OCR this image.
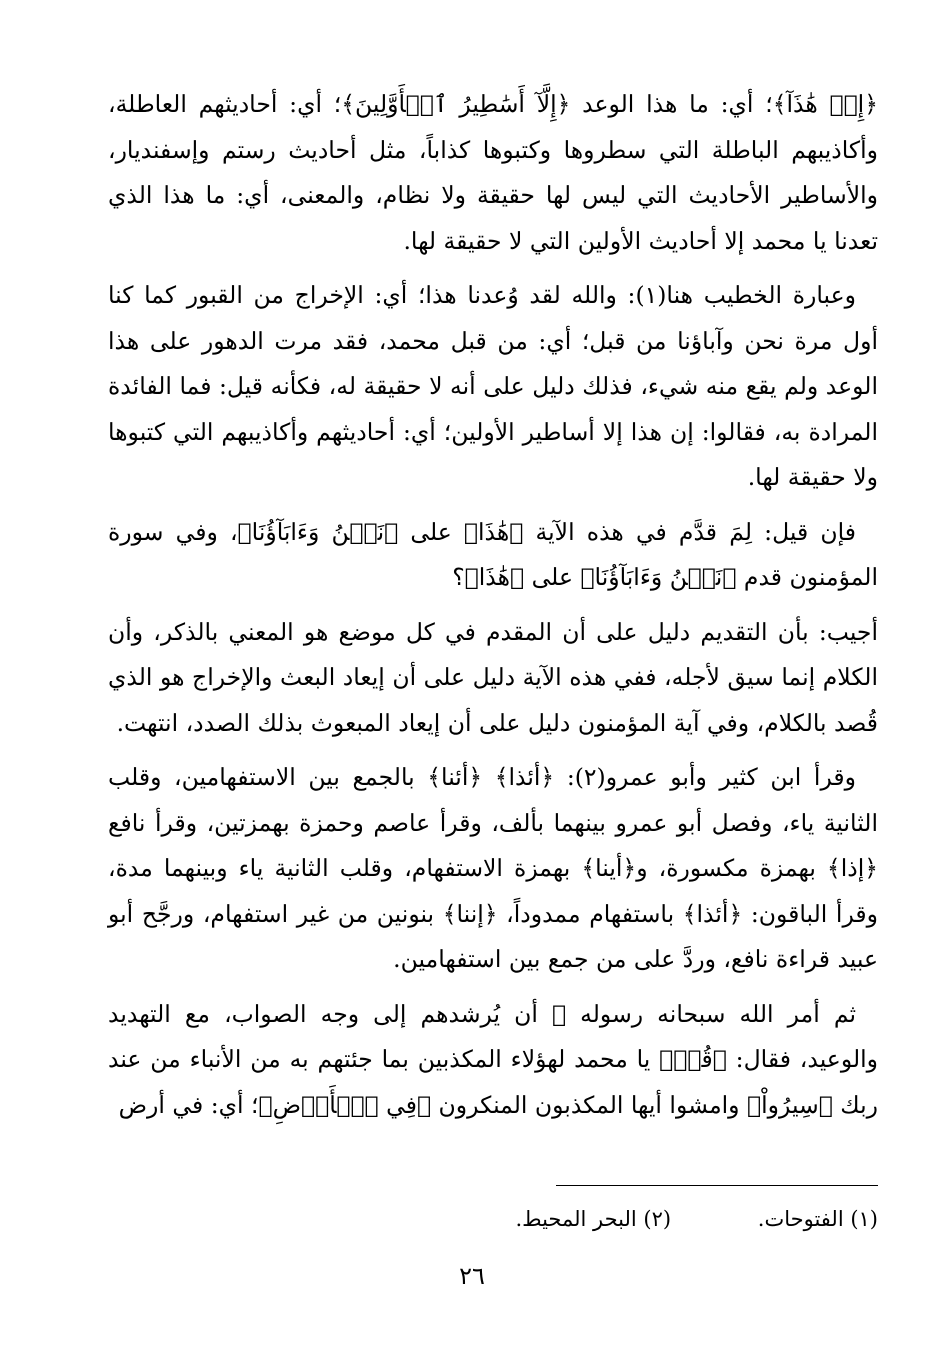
﴿إِنۡ هَٰذَآ﴾؛ أي: ما هذا الوعد ﴿إِلَّآ أَسَٰطِيرُ ٱلۡأَوَّلِينَ﴾؛ أي: أحاديثهم العاطلة، وأكاذيبهم الباطلة التي سطروها وكتبوها كذاباً، مثل أحاديث رستم وإسفنديار، والأساطير الأحاديث التي ليس لها حقيقة ولا نظام، والمعنى، أي: ما هذا الذي تعدنا يا محمد إلا أحاديث الأولين التي لا حقيقة لها.

وعبارة الخطيب هنا(١): والله لقد وُعدنا هذا؛ أي: الإخراج من القبور كما كنا أول مرة نحن وآباؤنا من قبل؛ أي: من قبل محمد، فقد مرت الدهور على هذا الوعد ولم يقع منه شيء، فذلك دليل على أنه لا حقيقة له، فكأنه قيل: فما الفائدة المرادة به، فقالوا: إن هذا إلا أساطير الأولين؛ أي: أحاديثهم وأكاذيبهم التي كتبوها ولا حقيقة لها.

فإن قيل: لِمَ قدَّم في هذه الآية ﴿هَٰذَا﴾ على ﴿نَحۡنُ وَءَابَآؤُنَا﴾، وفي سورة المؤمنون قدم ﴿نَحۡنُ وَءَابَآؤُنَا﴾ على ﴿هَٰذَا﴾؟

أجيب: بأن التقديم دليل على أن المقدم في كل موضع هو المعني بالذكر، وأن الكلام إنما سيق لأجله، ففي هذه الآية دليل على أن إيعاد البعث والإخراج هو الذي قُصد بالكلام، وفي آية المؤمنون دليل على أن إيعاد المبعوث بذلك الصدد، انتهت.

وقرأ ابن كثير وأبو عمرو(٢): ﴿أئذا﴾ ﴿أئنا﴾ بالجمع بين الاستفهامين، وقلب الثانية ياء، وفصل أبو عمرو بينهما بألف، وقرأ عاصم وحمزة بهمزتين، وقرأ نافع ﴿إذا﴾ بهمزة مكسورة، و﴿أينا﴾ بهمزة الاستفهام، وقلب الثانية ياء وبينهما مدة، وقرأ الباقون: ﴿أئذا﴾ باستفهام ممدوداً، ﴿إننا﴾ بنونين من غير استفهام، ورجَّح أبو عبيد قراءة نافع، وردَّ على من جمع بين استفهامين.

ثم أمر الله سبحانه رسوله ﷺ أن يُرشدهم إلى وجه الصواب، مع التهديد والوعيد، فقال: ﴿قُلۡ﴾ يا محمد لهؤلاء المكذبين بما جئتهم به من الأنباء من عند ربك ﴿سِيرُواْ﴾ وامشوا أيها المكذبون المنكرون ﴿فِي ٱلۡأَرۡضِ﴾؛ أي: في أرض

(١) الفتوحات. (٢) البحر المحيط.
٢٦
